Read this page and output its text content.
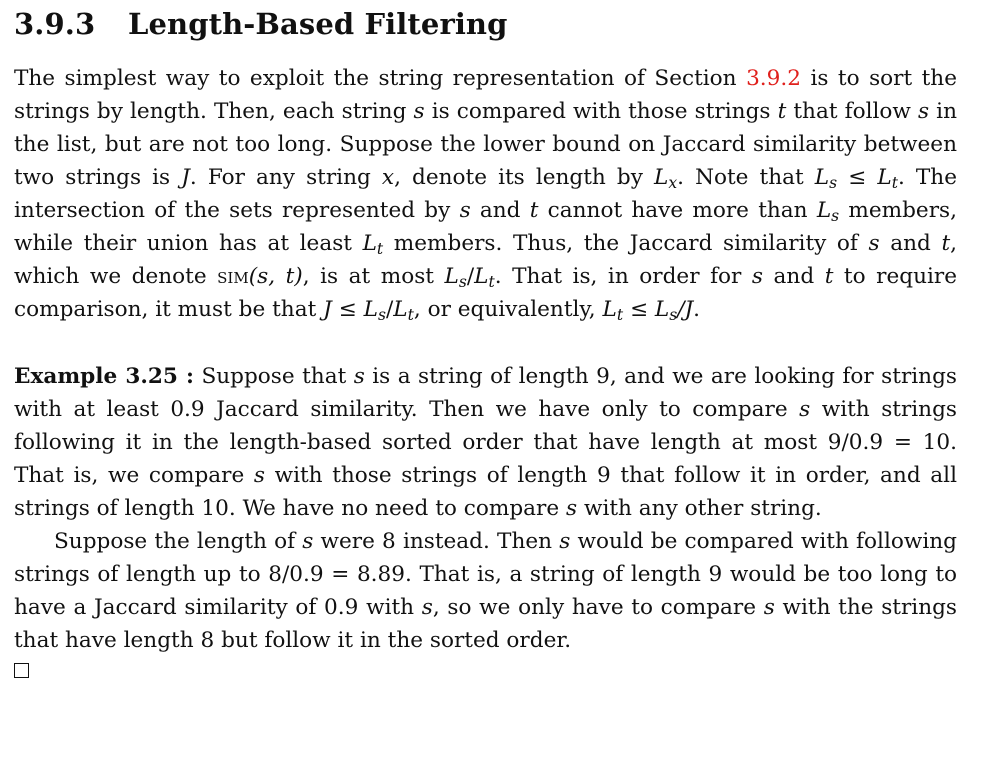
3.9.3 Length-Based Filtering

The simplest way to exploit the string representation of Section 3.9.2 is to sort the strings by length. Then, each string s is compared with those strings t that follow s in the list, but are not too long. Suppose the lower bound on Jaccard similarity between two strings is J. For any string x, denote its length by $L_x$. Note that $L_s \le L_t$. The intersection of the sets represented by s and t cannot have more than $L_s$ members, while their union has at least $L_t$ members. Thus, the Jaccard similarity of s and t, which we denote sim(s, t), is at most $L_s/L_t$. That is, in order for s and t to require comparison, it must be that $J \le L_s/L_t$, or equivalently, $L_t \le L_s/J$.

Example 3.25 : Suppose that s is a string of length 9, and we are looking for strings with at least 0.9 Jaccard similarity. Then we have only to compare s with strings following it in the length-based sorted order that have length at most 9/0.9 = 10. That is, we compare s with those strings of length 9 that follow it in order, and all strings of length 10. We have no need to compare s with any other string.

Suppose the length of s were 8 instead. Then s would be compared with following strings of length up to 8/0.9 = 8.89. That is, a string of length 9 would be too long to have a Jaccard similarity of 0.9 with s, so we only have to compare s with the strings that have length 8 but follow it in the sorted order.
